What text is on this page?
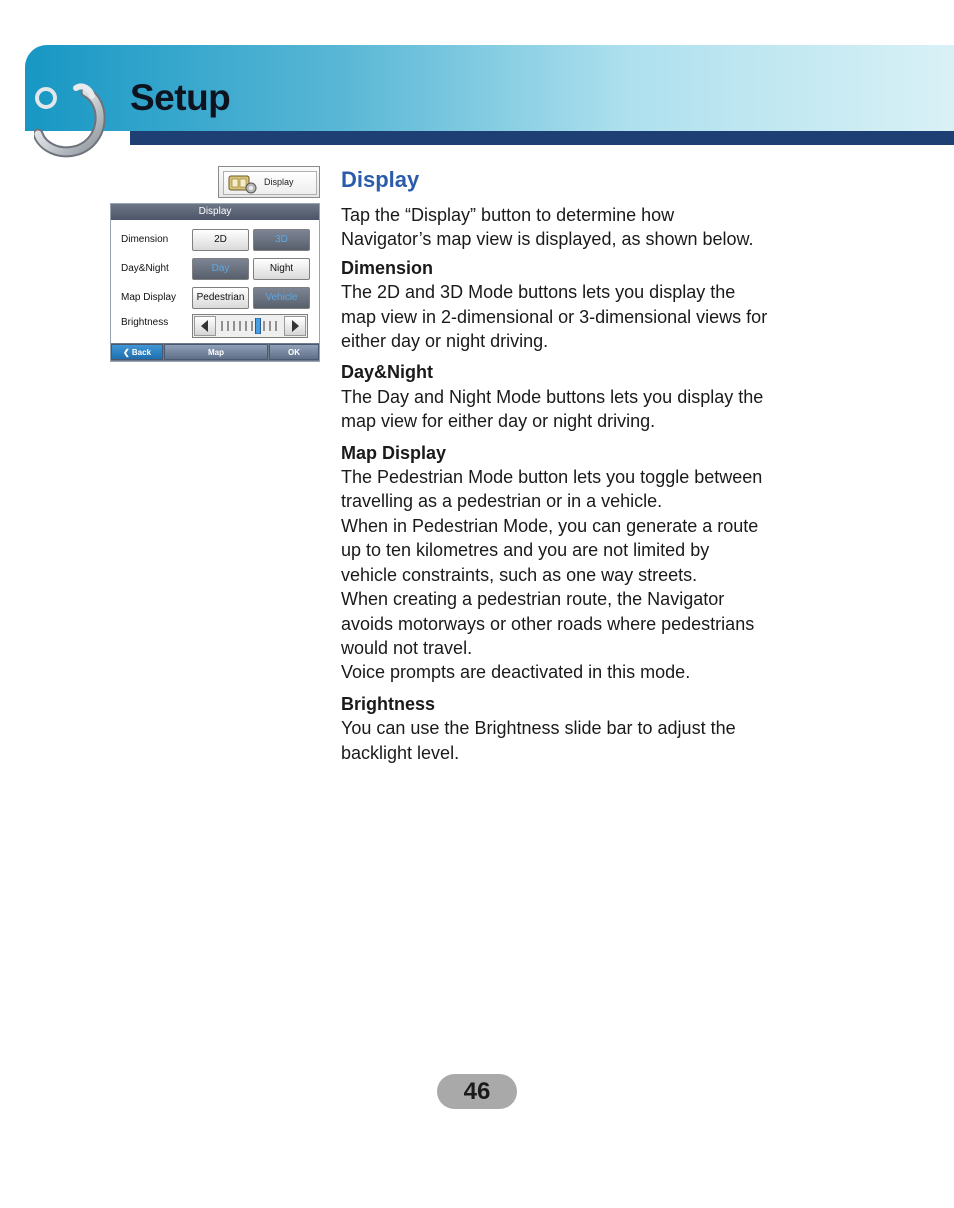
Setup
Display
Display
Dimension	2D	3D
Day&Night	Day	Night
Map Display	Pedestrian	Vehicle
Brightness
❮ Back	Map	OK

Display

Tap the “Display” button to determine how

Navigator’s map view is displayed, as shown below.

Dimension

The 2D and 3D Mode buttons lets you display the

map view in 2-dimensional or 3-dimensional views for

either day or night driving.

Day&Night

The Day and Night Mode buttons lets you display the

map view for either day or night driving.

Map Display

The Pedestrian Mode button lets you toggle between

travelling as a pedestrian or in a vehicle.

When in Pedestrian Mode, you can generate a route

up to ten kilometres and you are not limited by

vehicle constraints, such as one way streets.

When creating a pedestrian route, the Navigator

avoids motorways or other roads where pedestrians

would not travel.

Voice prompts are deactivated in this mode.

Brightness

You can use the Brightness slide bar to adjust the

backlight level.

46
